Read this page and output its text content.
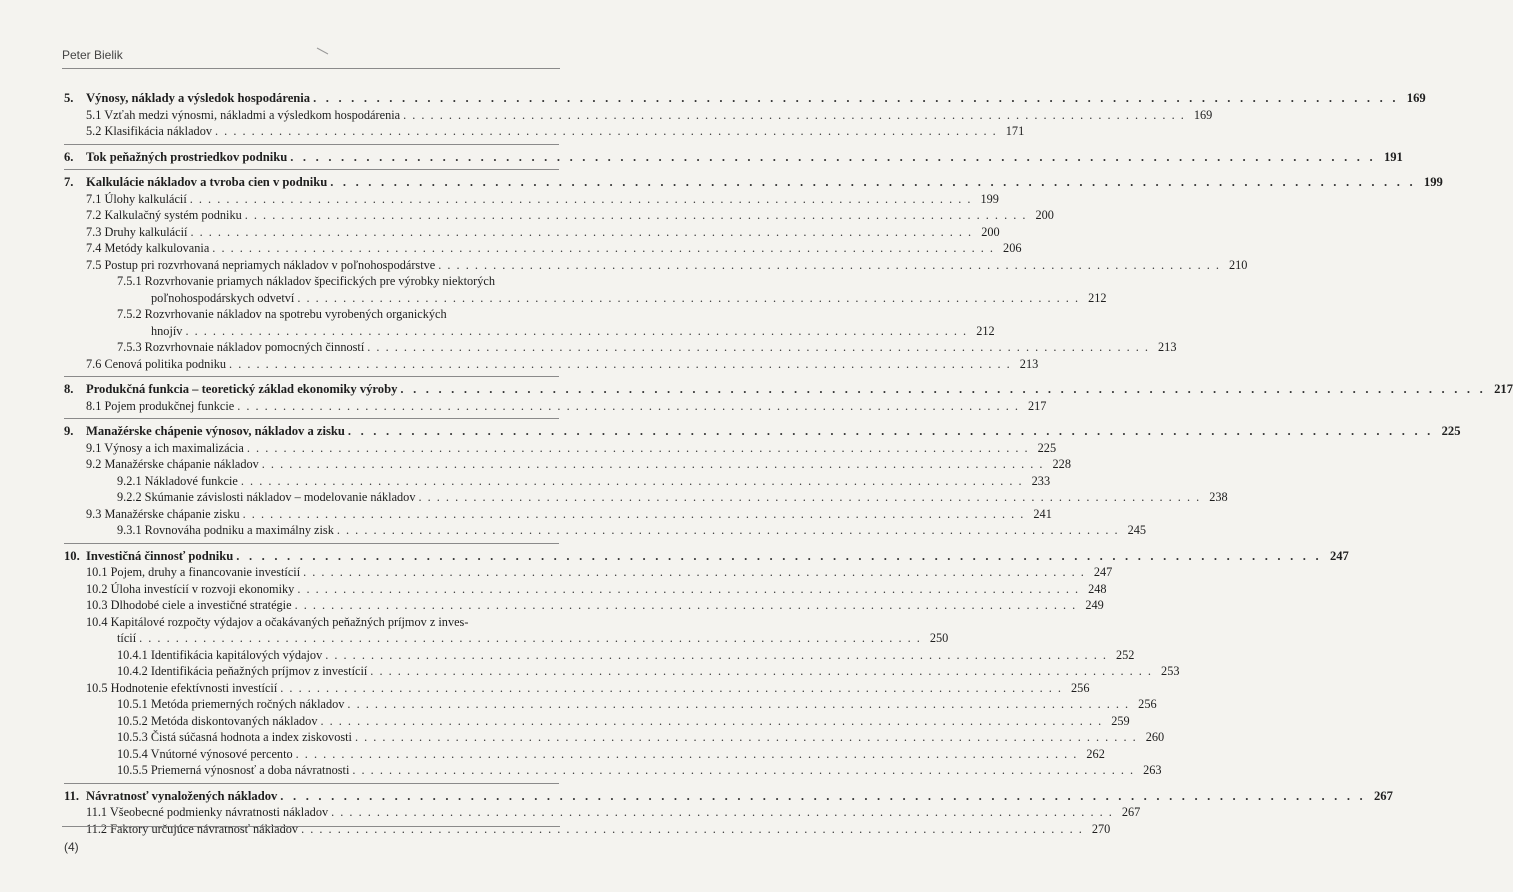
Peter Bielik
5. Výnosy, náklady a výsledok hospodárenia . . .	169
5.1 Vzťah medzi výnosmi, nákladmi a výsledkom hospodárenia . . .	169
5.2 Klasifikácia nákladov . . .	171
6. Tok peňažných prostriedkov podniku . . .	191
7. Kalkulácie nákladov a tvroba cien v podniku . . .	199
7.1 Úlohy kalkulácií . . .	199
7.2 Kalkulačný systém podniku . . .	200
7.3 Druhy kalkulácií . . .	200
7.4 Metódy kalkulovania . . .	206
7.5 Postup pri rozvrhovaná nepriamych nákladov v poľnohospodárstve . . .	210
7.5.1 Rozvrhovanie priamych nákladov špecifických pre výrobky niektorých
poľnohospodárskych odvetví . . .	212
7.5.2 Rozvrhovanie nákladov na spotrebu vyrobených organických
hnojív . . .	212
7.5.3 Rozvrhovnaie nákladov pomocných činností . . .	213
7.6 Cenová politika podniku . . .	213
8. Produkčná funkcia – teoretický základ ekonomiky výroby . . .	217
8.1 Pojem produkčnej funkcie . . .	217
9. Manažérske chápenie výnosov, nákladov a zisku . . .	225
9.1 Výnosy a ich maximalizácia . . .	225
9.2 Manažérske chápanie nákladov . . .	228
9.2.1 Nákladové funkcie . . .	233
9.2.2 Skúmanie závislosti nákladov – modelovanie nákladov . . .	238
9.3 Manažérske chápanie zisku . . .	241
9.3.1 Rovnováha podniku a maximálny zisk . . .	245
10. Investičná činnosť podniku . . .	247
10.1 Pojem, druhy a financovanie investícií . . .	247
10.2 Úloha investícií v rozvoji ekonomiky . . .	248
10.3 Dlhodobé ciele a investičné stratégie . . .	249
10.4 Kapitálové rozpočty výdajov a očakávaných peňažných príjmov z inves-
tícií . . .	250
10.4.1 Identifikácia kapitálových výdajov . . .	252
10.4.2 Identifikácia peňažných príjmov z investícií . . .	253
10.5 Hodnotenie efektívnosti investícií . . .	256
10.5.1 Metóda priemerných ročných nákladov . . .	256
10.5.2 Metóda diskontovaných nákladov . . .	259
10.5.3 Čistá súčasná hodnota a index ziskovosti . . .	260
10.5.4 Vnútorné výnosové percento . . .	262
10.5.5 Priemerná výnosnosť a doba návratnosti . . .	263
11. Návratnosť vynaložených nákladov . . .	267
11.1 Všeobecné podmienky návratnosti nákladov . . .	267
11.2 Faktory určujúce návratnosť nákladov . . .	270
(4)
